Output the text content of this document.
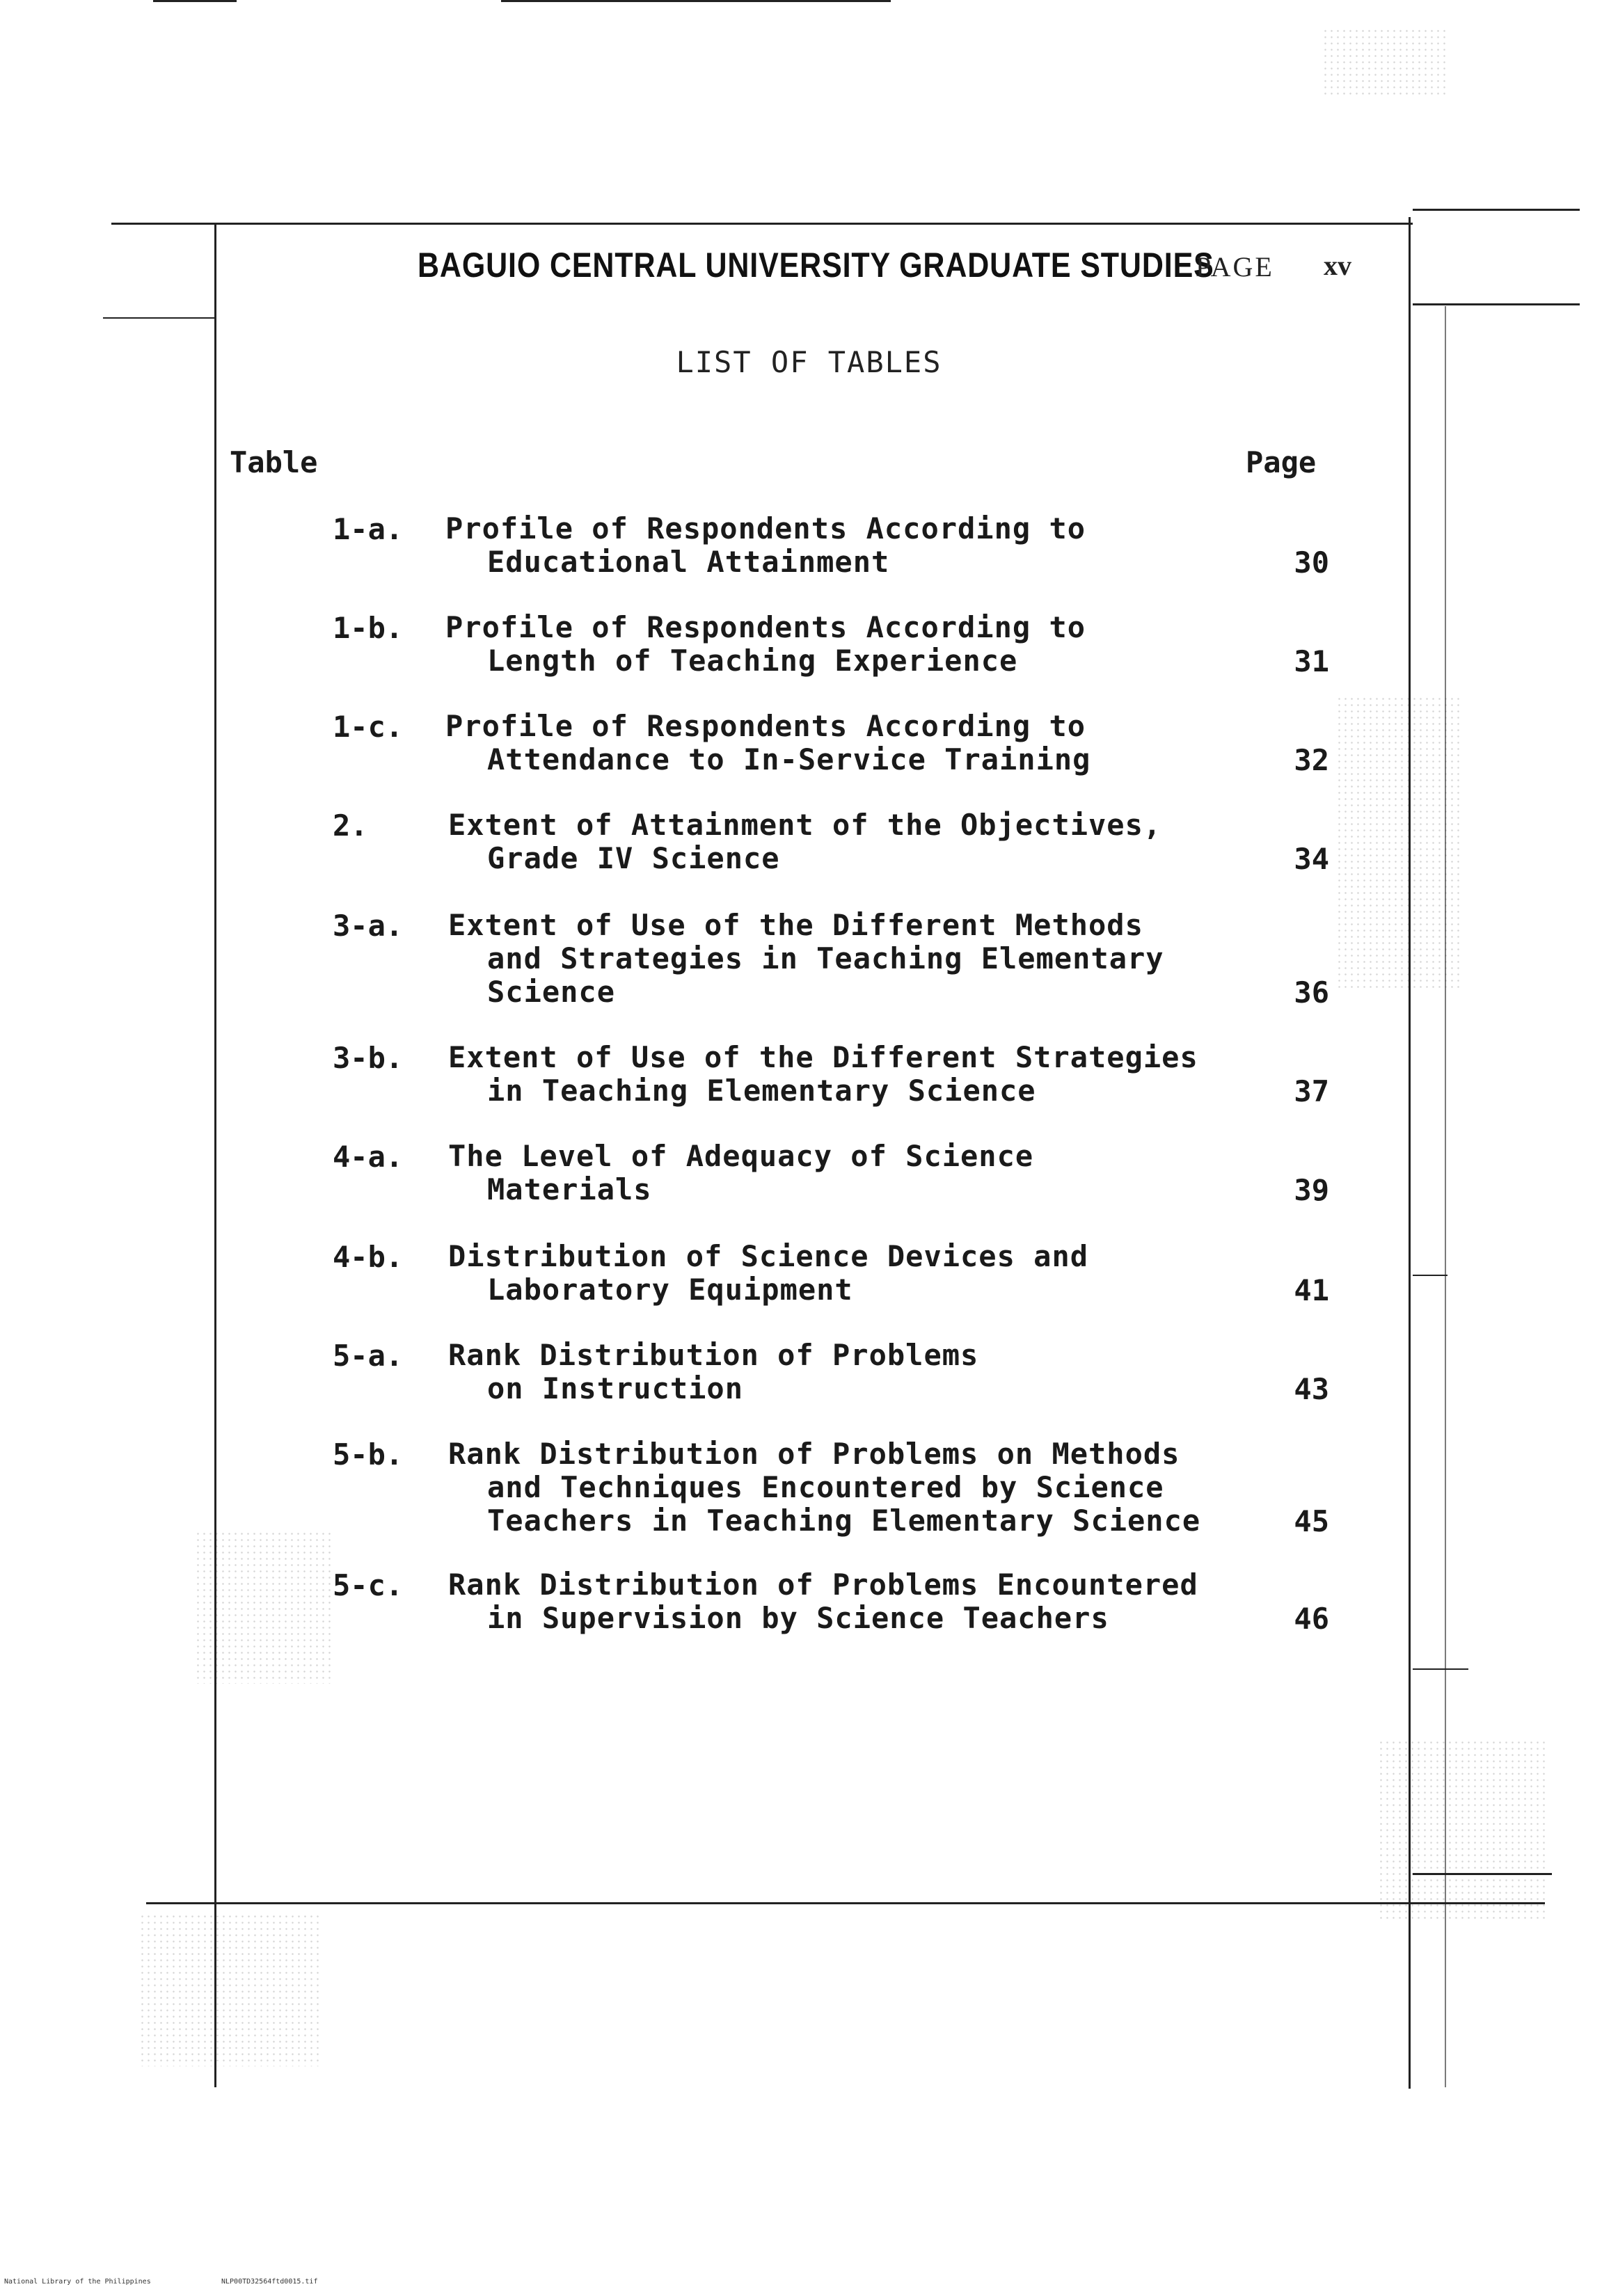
BAGUIO CENTRAL UNIVERSITY GRADUATE STUDIES
PAGE xv
LIST OF TABLES
Table	Page
1-a. Profile of Respondents According to
Educational Attainment	30
1-b. Profile of Respondents According to
Length of Teaching Experience	31
1-c. Profile of Respondents According to
Attendance to In-Service Training	32
2.	Extent of Attainment of the Objectives,
Grade IV Science	34
3-a. Extent of Use of the Different Methods
and Strategies in Teaching Elementary
Science	36
3-b. Extent of Use of the Different Strategies
in Teaching Elementary Science	37
4-a. The Level of Adequacy of Science
Materials	39
4-b. Distribution of Science Devices and
Laboratory Equipment	41
5-a. Rank Distribution of Problems
on Instruction	43
5-b. Rank Distribution of Problems on Methods
and Techniques Encountered by Science
Teachers in Teaching Elementary Science	45
5-c. Rank Distribution of Problems Encountered
in Supervision by Science Teachers	46
National Library of the Philippines	NLP00TD32564ftd0015.tif
